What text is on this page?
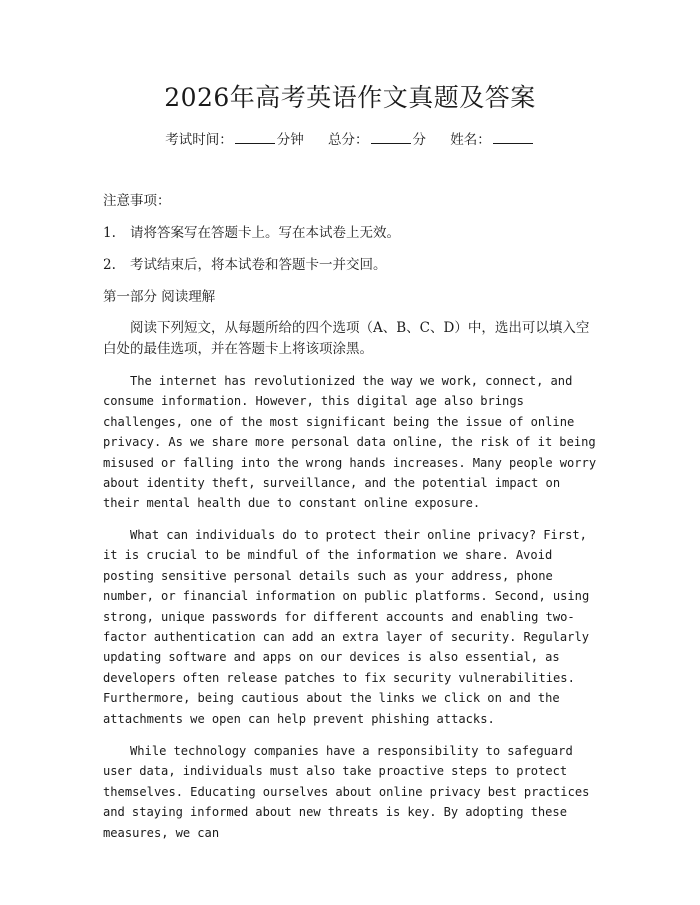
2026年高考英语作文真题及答案
考试时间：	分钟 总分：	分 姓名：
注意事项：
1. 请将答案写在答题卡上。写在本试卷上无效。
2. 考试结束后，将本试卷和答题卡一并交回。
第一部分 阅读理解
阅读下列短文，从每题所给的四个选项（A、B、C、D）中，选出可以填入空白处的最佳选项，并在答题卡上将该项涂黑。

The internet has revolutionized the way we work, connect, and consume information. However, this digital age also brings challenges, one of the most significant being the issue of online privacy. As we share more personal data online, the risk of it being misused or falling into the wrong hands increases. Many people worry about identity theft, surveillance, and the potential impact on their mental health due to constant online exposure.

What can individuals do to protect their online privacy? First, it is crucial to be mindful of the information we share. Avoid posting sensitive personal details such as your address, phone number, or financial information on public platforms. Second, using strong, unique passwords for different accounts and enabling two-factor authentication can add an extra layer of security. Regularly updating software and apps on our devices is also essential, as developers often release patches to fix security vulnerabilities. Furthermore, being cautious about the links we click on and the attachments we open can help prevent phishing attacks.

While technology companies have a responsibility to safeguard user data, individuals must also take proactive steps to protect themselves. Educating ourselves about online privacy best practices and staying informed about new threats is key. By adopting these measures, we can
